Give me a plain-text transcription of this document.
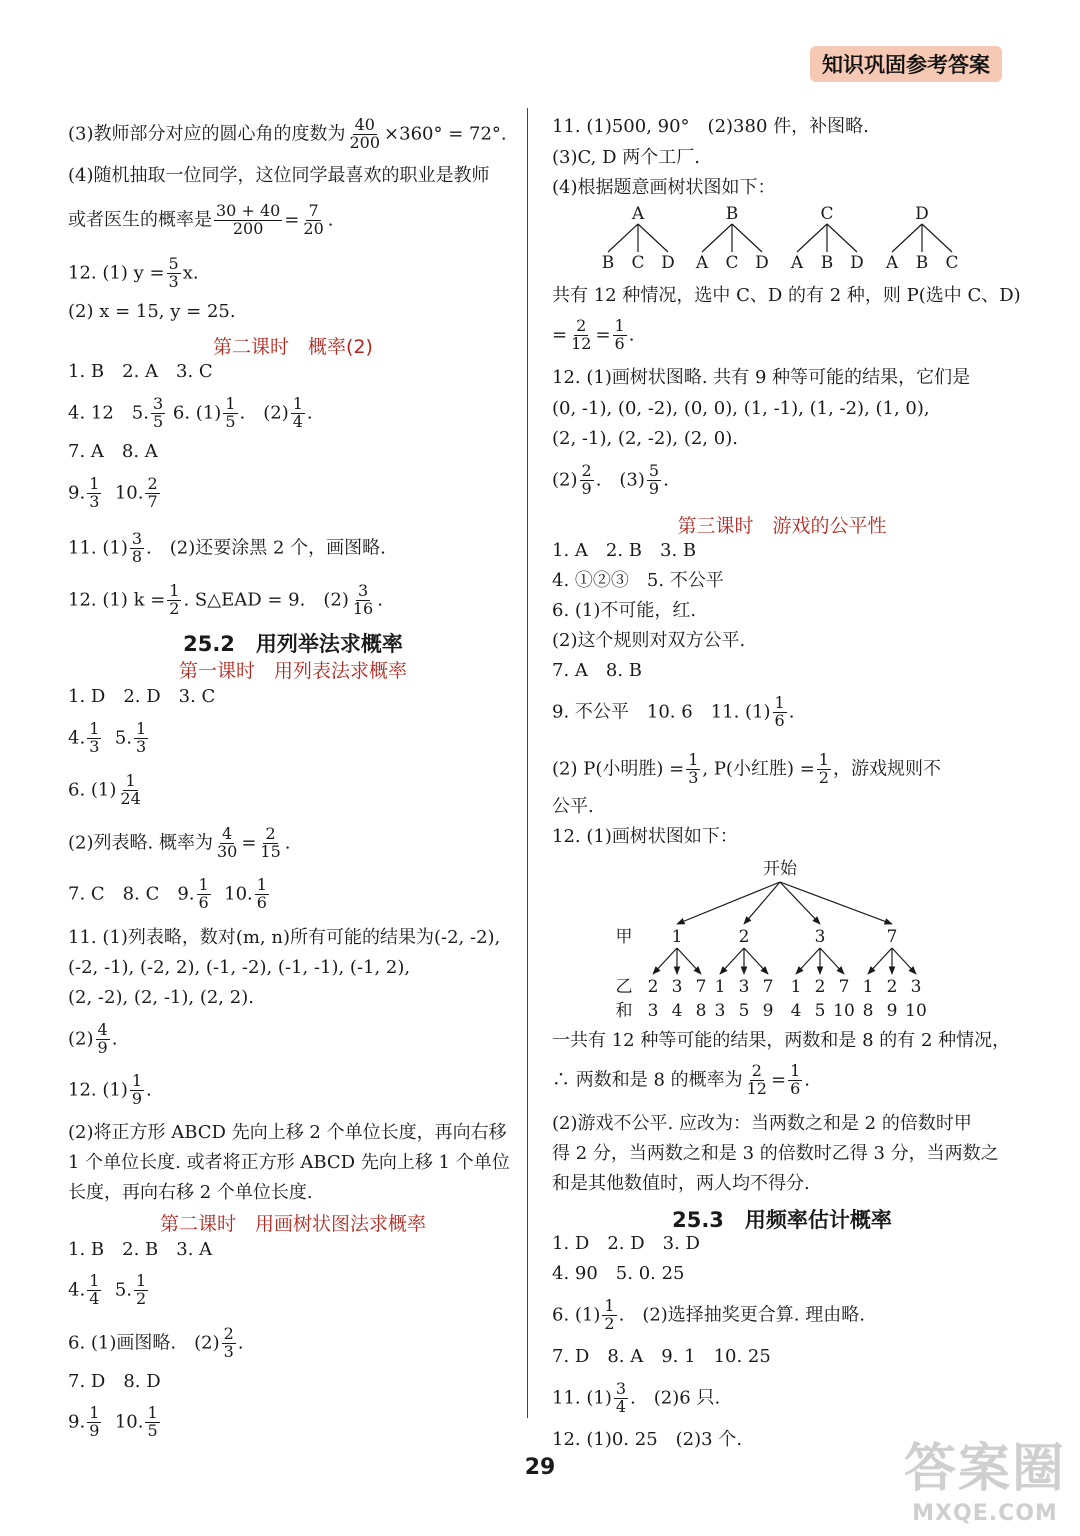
知识巩固参考答案
(3)教师部分对应的圆心角的度数为 $\frac{40}{200} \times 360^\circ = 72^\circ$.
(4)随机抽取一位同学，这位同学最喜欢的职业是教师
或者医生的概率是 $\frac{30 + 40}{200} = \frac{7}{20}$ .
12. (1) $y = \frac{5}{3} x$.
(2) x = 15, y = 25.
第二课时　概率(2)
1. B　2. A　3. C
4. 12　5. $\frac{3}{5} 6$. $(1) \frac{1}{5}$ .　$(2) \frac{1}{4}$ .
7. A　8. A
9. $\frac{1}{3} 10$. $\frac{2}{7}$
11. $(1) \frac{3}{8}$ .　(2)还要涂黑 2 个，画图略.
12. (1) $k = \frac{1}{2}$ . S△EAD = 9.　$(2) \frac{3}{16}$ .
25.2　用列举法求概率
第一课时　用列表法求概率
1. D　2. D　3. C
4. $\frac{1}{3} 5$. $\frac{1}{3}$
6. $(1) \frac{1}{24}$
(2)列表略. 概率为 $\frac{4}{30} = \frac{2}{15}$ .
7. C　8. C　9. $\frac{1}{6} 10$. $\frac{1}{6}$
11. (1)列表略，数对(m, n)所有可能的结果为(-2, -2),
(-2, -1), (-2, 2), (-1, -2), (-1, -1), (-1, 2),
(2, -2), (2, -1), (2, 2).
$(2) \frac{4}{9}$ .
12. $(1) \frac{1}{9}$ .
(2)将正方形 ABCD 先向上移 2 个单位长度，再向右移
1 个单位长度. 或者将正方形 ABCD 先向上移 1 个单位
长度，再向右移 2 个单位长度.
第二课时　用画树状图法求概率
1. B　2. B　3. A
4. $\frac{1}{4} 5$. $\frac{1}{2}$
6. (1)画图略.　$(2) \frac{2}{3}$ .
7. D　8. D
9. $\frac{1}{9} 10$. $\frac{1}{5}$
11. (1)500, 90°　(2)380 件，补图略.
(3)C, D 两个工厂.
(4)根据题意画树状图如下：
A
B C D
B
A C D
C
A B D
D
A B C
共有 12 种情况，选中 C、D 的有 2 种，则 P(选中 C、D)
= $\frac{2}{12} = \frac{1}{6}$ .
12. (1)画树状图略. 共有 9 种等可能的结果，它们是
(0, -1), (0, -2), (0, 0), (1, -1), (1, -2), (1, 0),
(2, -1), (2, -2), (2, 0).
$(2) \frac{2}{9}$ .　$(3) \frac{5}{9}$ .
第三课时　游戏的公平性
1. A　2. B　3. B
4. ①②③　5. 不公平
6. (1)不可能，红.
(2)这个规则对双方公平.
7. A　8. B
9. 不公平　10. 6　11. $(1) \frac{1}{6}$ .
(2) P(小明胜) = $\frac{1}{3}$ , P(小红胜) = $\frac{1}{2}$ ，游戏规则不
公平.
12. (1)画树状图如下：
开始
甲
乙
和
1
2
3
3
4
7
8
2
1
3
3
5
7
9
3
1
4
2
5
7
10
7
1
8
2
9
3
10
一共有 12 种等可能的结果，两数和是 8 的有 2 种情况，
∴ 两数和是 8 的概率为 $\frac{2}{12} = \frac{1}{6}$ .
(2)游戏不公平. 应改为：当两数之和是 2 的倍数时甲
得 2 分，当两数之和是 3 的倍数时乙得 3 分，当两数之
和是其他数值时，两人均不得分.
25.3　用频率估计概率
1. D　2. D　3. D
4. 90　5. 0. 25
6. $(1) \frac{1}{2}$ .　(2)选择抽奖更合算. 理由略.
7. D　8. A　9. 1　10. 25
11. $(1) \frac{3}{4}$ .　(2)6 只.
12. (1)0. 25　(2)3 个.
29	答案圈
MXQE.COM
